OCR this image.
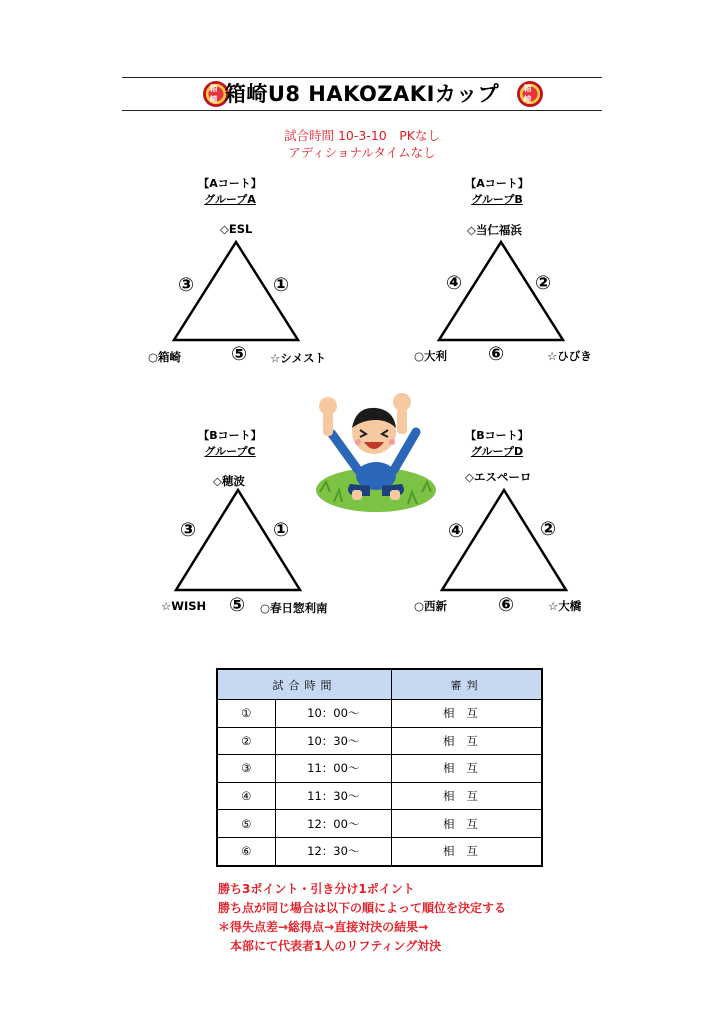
箱崎 箱崎U8 HAKOZAKIカップ	箱崎
試合時間 10-3-10　PKなし
アディショナルタイムなし
【Aコート】
グループA
◇ESL
③	①
⑤
○箱崎	☆シメスト
【Aコート】
グループB
◇当仁福浜
④	②
⑥
○大利	☆ひびき
【Bコート】
グループC
◇穂波
③	①
⑤
☆WISH	○春日惣利南
【Bコート】
グループD
◇エスペーロ
④	②
⑥
○西新	☆大橋
試合時間		審判
①	10：00～	相互
②	10：30～	相互
③	11：00～	相互
④	11：30～	相互
⑤	12：00～	相互
⑥	12：30～	相互
勝ち3ポイント・引き分け1ポイント
勝ち点が同じ場合は以下の順によって順位を決定する
＊得失点差→総得点→直接対決の結果→
　本部にて代表者1人のリフティング対決
